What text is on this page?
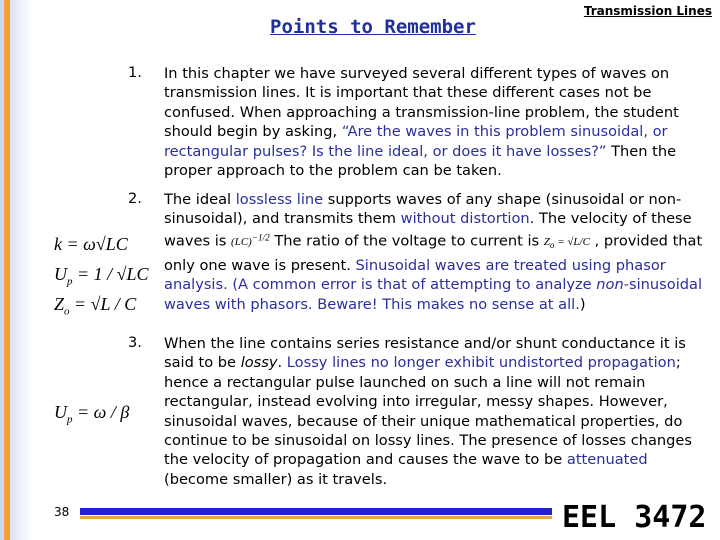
Points to Remember
Transmission Lines
1. In this chapter we have surveyed several different types of waves on transmission lines. It is important that these different cases not be confused. When approaching a transmission-line problem, the student should begin by asking, “Are the waves in this problem sinusoidal, or rectangular pulses? Is the line ideal, or does it have losses?” Then the proper approach to the problem can be taken.
2. The ideal lossless line supports waves of any shape (sinusoidal or non-sinusoidal), and transmits them without distortion. The velocity of these waves is (LC)$^{-1/2}$ The ratio of the voltage to current is $Z_o = √L/C$ , provided that only one wave is present. Sinusoidal waves are treated using phasor analysis. (A common error is that of attempting to analyze non-sinusoidal waves with phasors. Beware! This makes no sense at all.)
3. When the line contains series resistance and/or shunt conductance it is said to be lossy. Lossy lines no longer exhibit undistorted propagation; hence a rectangular pulse launched on such a line will not remain rectangular, instead evolving into irregular, messy shapes. However, sinusoidal waves, because of their unique mathematical properties, do continue to be sinusoidal on lossy lines. The presence of losses changes the velocity of propagation and causes the wave to be attenuated (become smaller) as it travels.
k = ω√LC
$U_p = 1 / √LC$
$Z_o = √L / C$
$U_p = \omega / \beta$
38	EEL 3472
